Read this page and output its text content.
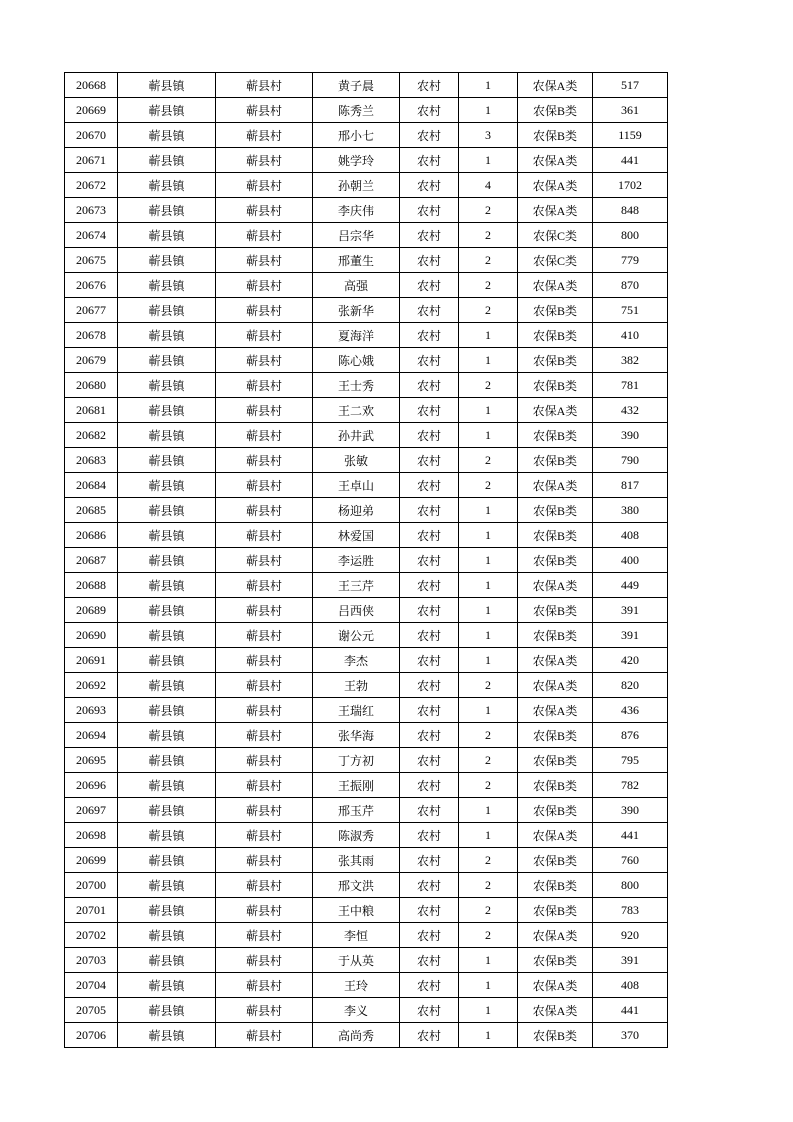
20668	蕲县镇	蕲县村	黄子晨	农村	1	农保A类	517
20669	蕲县镇	蕲县村	陈秀兰	农村	1	农保B类	361
20670	蕲县镇	蕲县村	邢小七	农村	3	农保B类	1159
20671	蕲县镇	蕲县村	姚学玲	农村	1	农保A类	441
20672	蕲县镇	蕲县村	孙朝兰	农村	4	农保A类	1702
20673	蕲县镇	蕲县村	李庆伟	农村	2	农保A类	848
20674	蕲县镇	蕲县村	吕宗华	农村	2	农保C类	800
20675	蕲县镇	蕲县村	邢董生	农村	2	农保C类	779
20676	蕲县镇	蕲县村	高强	农村	2	农保A类	870
20677	蕲县镇	蕲县村	张新华	农村	2	农保B类	751
20678	蕲县镇	蕲县村	夏海洋	农村	1	农保B类	410
20679	蕲县镇	蕲县村	陈心娥	农村	1	农保B类	382
20680	蕲县镇	蕲县村	王士秀	农村	2	农保B类	781
20681	蕲县镇	蕲县村	王二欢	农村	1	农保A类	432
20682	蕲县镇	蕲县村	孙井武	农村	1	农保B类	390
20683	蕲县镇	蕲县村	张敏	农村	2	农保B类	790
20684	蕲县镇	蕲县村	王卓山	农村	2	农保A类	817
20685	蕲县镇	蕲县村	杨迎弟	农村	1	农保B类	380
20686	蕲县镇	蕲县村	林爱国	农村	1	农保B类	408
20687	蕲县镇	蕲县村	李运胜	农村	1	农保B类	400
20688	蕲县镇	蕲县村	王三芹	农村	1	农保A类	449
20689	蕲县镇	蕲县村	吕西侠	农村	1	农保B类	391
20690	蕲县镇	蕲县村	谢公元	农村	1	农保B类	391
20691	蕲县镇	蕲县村	李杰	农村	1	农保A类	420
20692	蕲县镇	蕲县村	王勃	农村	2	农保A类	820
20693	蕲县镇	蕲县村	王瑞红	农村	1	农保A类	436
20694	蕲县镇	蕲县村	张华海	农村	2	农保B类	876
20695	蕲县镇	蕲县村	丁方初	农村	2	农保B类	795
20696	蕲县镇	蕲县村	王振刚	农村	2	农保B类	782
20697	蕲县镇	蕲县村	邢玉芹	农村	1	农保B类	390
20698	蕲县镇	蕲县村	陈淑秀	农村	1	农保A类	441
20699	蕲县镇	蕲县村	张其雨	农村	2	农保B类	760
20700	蕲县镇	蕲县村	邢文洪	农村	2	农保B类	800
20701	蕲县镇	蕲县村	王中粮	农村	2	农保B类	783
20702	蕲县镇	蕲县村	李恒	农村	2	农保A类	920
20703	蕲县镇	蕲县村	于从英	农村	1	农保B类	391
20704	蕲县镇	蕲县村	王玲	农村	1	农保A类	408
20705	蕲县镇	蕲县村	李义	农村	1	农保A类	441
20706	蕲县镇	蕲县村	高尚秀	农村	1	农保B类	370
